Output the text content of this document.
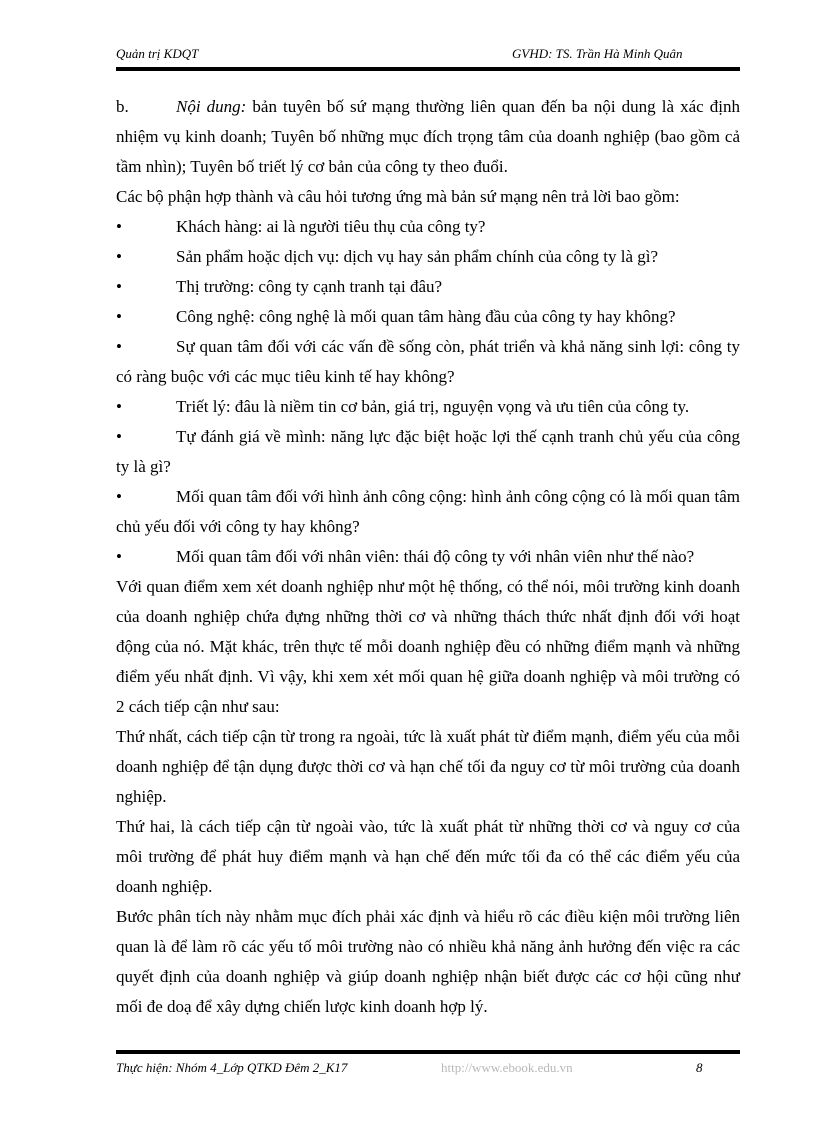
Quản trị KDQT	GVHD: TS. Trần Hà Minh Quân

b.	Nội dung: bản tuyên bố sứ mạng thường liên quan đến ba nội dung là xác định nhiệm vụ kinh doanh; Tuyên bố những mục đích trọng tâm của doanh nghiệp (bao gồm cả tầm nhìn); Tuyên bố triết lý cơ bản của công ty theo đuổi.

Các bộ phận hợp thành và câu hỏi tương ứng mà bản sứ mạng nên trả lời bao gồm:

•	Khách hàng: ai là người tiêu thụ của công ty?
•	Sản phẩm hoặc dịch vụ: dịch vụ hay sản phẩm chính của công ty là gì?
•	Thị trường: công ty cạnh tranh tại đâu?
•	Công nghệ: công nghệ là mối quan tâm hàng đầu của công ty hay không?

•	Sự quan tâm đối với các vấn đề sống còn, phát triển và khả năng sinh lợi: công ty có ràng buộc với các mục tiêu kinh tế hay không?

•	Triết lý: đâu là niềm tin cơ bản, giá trị, nguyện vọng và ưu tiên của công ty.

•	Tự đánh giá về mình: năng lực đặc biệt hoặc lợi thế cạnh tranh chủ yếu của công ty là gì?

•	Mối quan tâm đối với hình ảnh công cộng: hình ảnh công cộng có là mối quan tâm chủ yếu đối với công ty hay không?

•	Mối quan tâm đối với nhân viên: thái độ công ty với nhân viên như thế nào?

Với quan điểm xem xét doanh nghiệp như một hệ thống, có thể nói, môi trường kinh doanh của doanh nghiệp chứa đựng những thời cơ và những thách thức nhất định đối với hoạt động của nó. Mặt khác, trên thực tế mỗi doanh nghiệp đều có những điểm mạnh và những điểm yếu nhất định. Vì vậy, khi xem xét mối quan hệ giữa doanh nghiệp và môi trường có 2 cách tiếp cận như sau:

Thứ nhất, cách tiếp cận từ trong ra ngoài, tức là xuất phát từ điểm mạnh, điểm yếu của mỗi doanh nghiệp để tận dụng được thời cơ và hạn chế tối đa nguy cơ từ môi trường của doanh nghiệp.

Thứ hai, là cách tiếp cận từ ngoài vào, tức là xuất phát từ những thời cơ và nguy cơ của môi trường để phát huy điểm mạnh và hạn chế đến mức tối đa có thể các điểm yếu của doanh nghiệp.

Bước phân tích này nhằm mục đích phải xác định và hiểu rõ các điều kiện môi trường liên quan là để làm rõ các yếu tố môi trường nào có nhiều khả năng ảnh hưởng đến việc ra các quyết định của doanh nghiệp và giúp doanh nghiệp nhận biết được các cơ hội cũng như mối đe doạ để xây dựng chiến lược kinh doanh hợp lý.

Thực hiện: Nhóm 4_Lớp QTKD Đêm 2_K17	http://www.ebook.edu.vn	8
